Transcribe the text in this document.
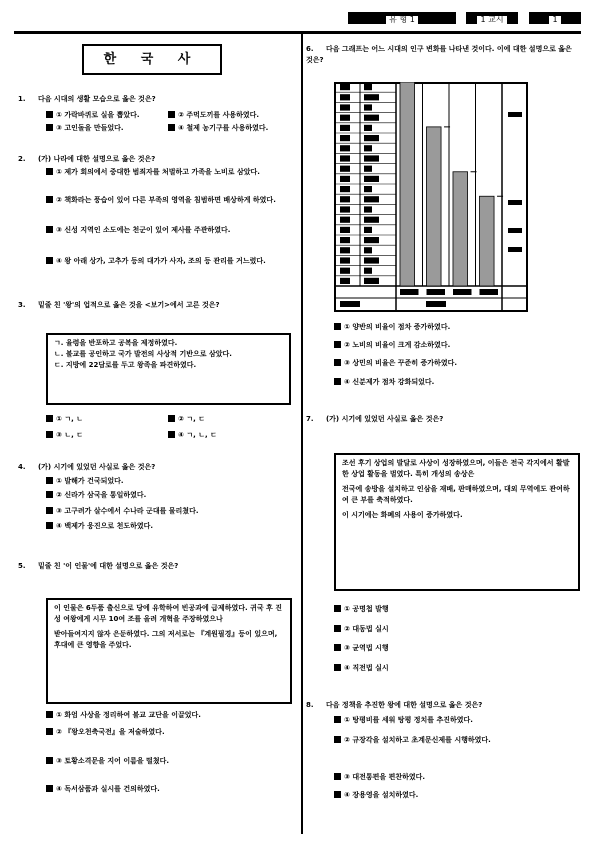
유 형 1	1 교시	1
한 국 사
1. 다음 시대의 생활 모습으로 옳은 것은?
① 가락바퀴로 실을 뽑았다.	② 주먹도끼를 사용하였다.
③ 고인돌을 만들었다.	④ 철제 농기구를 사용하였다.
2. (가) 나라에 대한 설명으로 옳은 것은?
① 제가 회의에서 중대한 범죄자를 처벌하고 가족을 노비로 삼았다.
② 책화라는 풍습이 있어 다른 부족의 영역을 침범하면 배상하게 하였다.
③ 신성 지역인 소도에는 천군이 있어 제사를 주관하였다.
④ 왕 아래 상가, 고추가 등의 대가가 사자, 조의 등 관리를 거느렸다.
3. 밑줄 친 '왕'의 업적으로 옳은 것을 <보기>에서 고른 것은?
ㄱ. 율령을 반포하고 공복을 제정하였다.
ㄴ. 불교를 공인하고 국가 발전의 사상적 기반으로 삼았다.
ㄷ. 지방에 22담로를 두고 왕족을 파견하였다.
① ㄱ, ㄴ	② ㄱ, ㄷ
③ ㄴ, ㄷ	④ ㄱ, ㄴ, ㄷ
4. (가) 시기에 있었던 사실로 옳은 것은?
① 발해가 건국되었다.
② 신라가 삼국을 통일하였다.
③ 고구려가 살수에서 수나라 군대를 물리쳤다.
④ 백제가 웅진으로 천도하였다.
5. 밑줄 친 '이 인물'에 대한 설명으로 옳은 것은?
이 인물은 6두품 출신으로 당에 유학하여 빈공과에 급제하였다. 귀국 후 진성 여왕에게 시무 10여 조를 올려 개혁을 주장하였으나
받아들여지지 않자 은둔하였다. 그의 저서로는 『계원필경』등이 있으며, 후대에 큰 영향을 주었다.
① 화엄 사상을 정리하여 불교 교단을 이끌었다.
② 『왕오천축국전』을 저술하였다.
③ 토황소격문을 지어 이름을 떨쳤다.
④ 독서삼품과 실시를 건의하였다.
6. 다음 그래프는 어느 시대의 인구 변화를 나타낸 것이다. 이에 대한 설명으로 옳은 것은?
① 양반의 비율이 점차 증가하였다.
② 노비의 비율이 크게 감소하였다.
③ 상민의 비율은 꾸준히 증가하였다.
④ 신분제가 점차 강화되었다.
7. (가) 시기에 있었던 사실로 옳은 것은?
조선 후기 상업의 발달로 사상이 성장하였으며, 이들은 전국 각지에서 활발한 상업 활동을 벌였다. 특히 개성의 송상은
전국에 송방을 설치하고 인삼을 재배, 판매하였으며, 대외 무역에도 관여하여 큰 부를 축적하였다.
이 시기에는 화폐의 사용이 증가하였다.
① 공명첩 발행
② 대동법 실시
③ 균역법 시행
④ 직전법 실시
8. 다음 정책을 추진한 왕에 대한 설명으로 옳은 것은?
① 탕평비를 세워 탕평 정치를 추진하였다.
② 규장각을 설치하고 초계문신제를 시행하였다.
③ 대전통편을 편찬하였다.
④ 장용영을 설치하였다.
